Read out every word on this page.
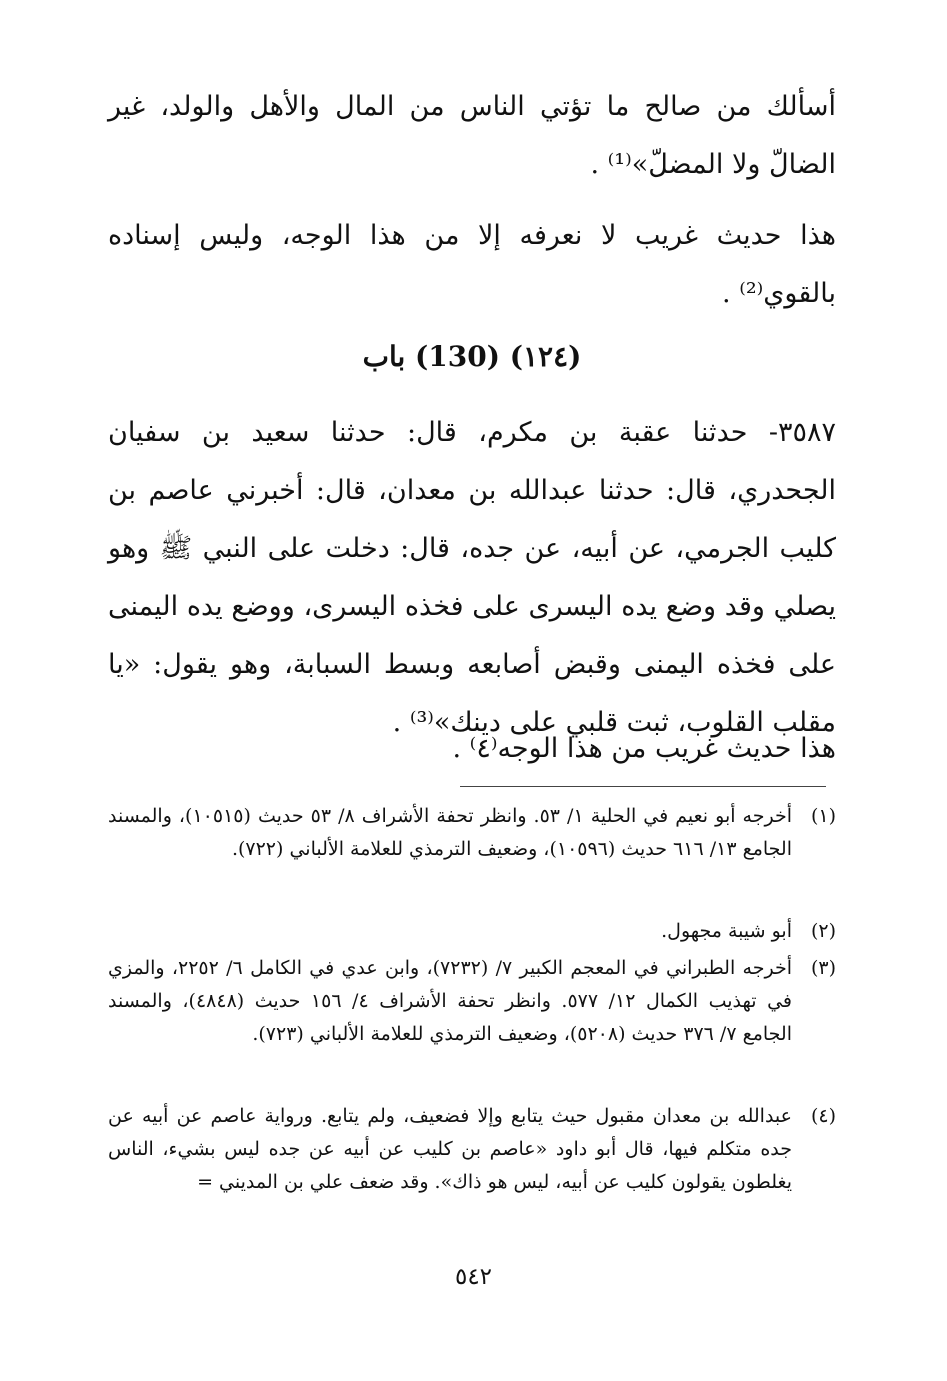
أسألك من صالح ما تؤتي الناس من المال والأهل والولد، غير الضالّ ولا المضلّ»⁽¹⁾ .
هذا حديث غريب لا نعرفه إلا من هذا الوجه، وليس إسناده بالقوي⁽²⁾ .
(١٢٤) (130) باب
٣٥٨٧- حدثنا عقبة بن مكرم، قال: حدثنا سعيد بن سفيان الجحدري، قال: حدثنا عبدالله بن معدان، قال: أخبرني عاصم بن كليب الجرمي، عن أبيه، عن جده، قال: دخلت على النبي ﷺ وهو يصلي وقد وضع يده اليسرى على فخذه اليسرى، ووضع يده اليمنى على فخذه اليمنى وقبض أصابعه وبسط السبابة، وهو يقول: «يا مقلب القلوب، ثبت قلبي على دينك»⁽³⁾ .
هذا حديث غريب من هذا الوجه⁽٤⁾ .
(١)
أخرجه أبو نعيم في الحلية ١/ ٥٣. وانظر تحفة الأشراف ٨/ ٥٣ حديث (١٠٥١٥)، والمسند الجامع ١٣/ ٦١٦ حديث (١٠٥٩٦)، وضعيف الترمذي للعلامة الألباني (٧٢٢).
(٢)
أبو شيبة مجهول.
(٣)
أخرجه الطبراني في المعجم الكبير ٧/ (٧٢٣٢)، وابن عدي في الكامل ٦/ ٢٢٥٢، والمزي في تهذيب الكمال ١٢/ ٥٧٧. وانظر تحفة الأشراف ٤/ ١٥٦ حديث (٤٨٤٨)، والمسند الجامع ٧/ ٣٧٦ حديث (٥٢٠٨)، وضعيف الترمذي للعلامة الألباني (٧٢٣).
(٤)
عبدالله بن معدان مقبول حيث يتابع وإلا فضعيف، ولم يتابع. ورواية عاصم عن أبيه عن جده متكلم فيها، قال أبو داود «عاصم بن كليب عن أبيه عن جده ليس بشيء، الناس يغلطون يقولون كليب عن أبيه، ليس هو ذاك». وقد ضعف علي بن المديني =
٥٤٢
